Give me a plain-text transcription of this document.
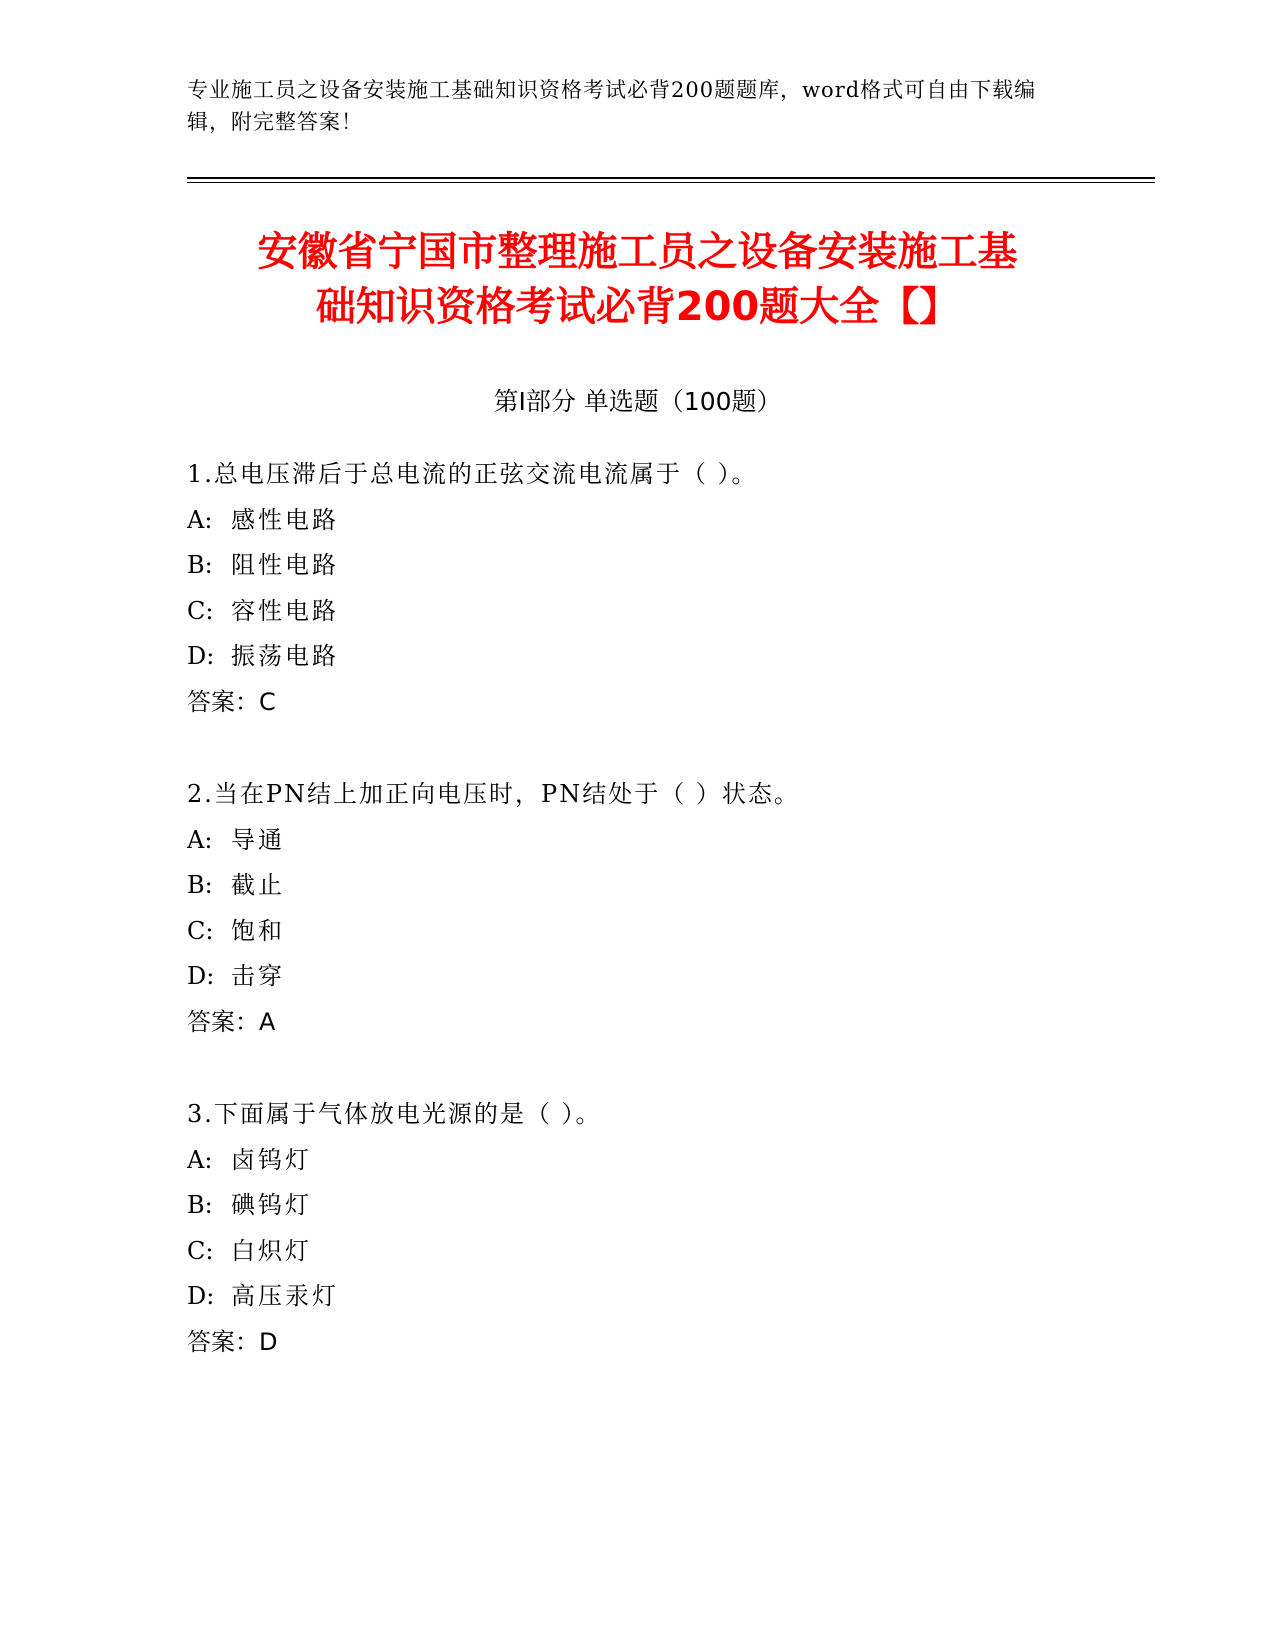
专业施工员之设备安装施工基础知识资格考试必背200题题库，word格式可自由下载编辑，附完整答案！
安徽省宁国市整理施工员之设备安装施工基
础知识资格考试必背200题大全【】
第Ⅰ部分 单选题（100题）
1.总电压滞后于总电流的正弦交流电流属于（ ）。
A: 感性电路
B: 阻性电路
C: 容性电路
D: 振荡电路
答案：C
2.当在PN结上加正向电压时，PN结处于（ ）状态。
A: 导通
B: 截止
C: 饱和
D: 击穿
答案：A
3.下面属于气体放电光源的是（ ）。
A: 卤钨灯
B: 碘钨灯
C: 白炽灯
D: 高压汞灯
答案：D
